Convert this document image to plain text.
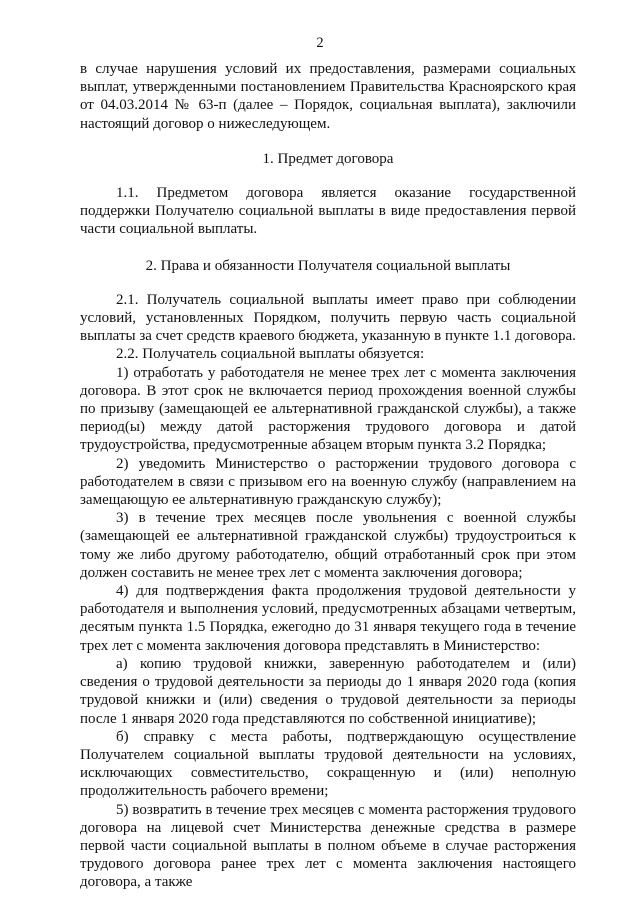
2

в случае нарушения условий их предоставления, размерами социальных выплат, утвержденными постановлением Правительства Красноярского края от 04.03.2014 № 63-п (далее – Порядок, социальная выплата), заключили настоящий договор о нижеследующем.

1. Предмет договора

1.1. Предметом договора является оказание государственной поддержки Получателю социальной выплаты в виде предоставления первой части социальной выплаты.

2. Права и обязанности Получателя социальной выплаты

2.1. Получатель социальной выплаты имеет право при соблюдении условий, установленных Порядком, получить первую часть социальной выплаты за счет средств краевого бюджета, указанную в пункте 1.1 договора.

2.2. Получатель социальной выплаты обязуется:

1) отработать у работодателя не менее трех лет с момента заключения договора. В этот срок не включается период прохождения военной службы по призыву (замещающей ее альтернативной гражданской службы), а также период(ы) между датой расторжения трудового договора и датой трудоустройства, предусмотренные абзацем вторым пункта 3.2 Порядка;

2) уведомить Министерство о расторжении трудового договора с работодателем в связи с призывом его на военную службу (направлением на замещающую ее альтернативную гражданскую службу);

3) в течение трех месяцев после увольнения с военной службы (замещающей ее альтернативной гражданской службы) трудоустроиться к тому же либо другому работодателю, общий отработанный срок при этом должен составить не менее трех лет с момента заключения договора;

4) для подтверждения факта продолжения трудовой деятельности у работодателя и выполнения условий, предусмотренных абзацами четвертым, десятым пункта 1.5 Порядка, ежегодно до 31 января текущего года в течение трех лет с момента заключения договора представлять в Министерство:

а) копию трудовой книжки, заверенную работодателем и (или) сведения о трудовой деятельности за периоды до 1 января 2020 года (копия трудовой книжки и (или) сведения о трудовой деятельности за периоды после 1 января 2020 года представляются по собственной инициативе);

б) справку с места работы, подтверждающую осуществление Получателем социальной выплаты трудовой деятельности на условиях, исключающих совместительство, сокращенную и (или) неполную продолжительность рабочего времени;

5) возвратить в течение трех месяцев с момента расторжения трудового договора на лицевой счет Министерства денежные средства в размере первой части социальной выплаты в полном объеме в случае расторжения трудового договора ранее трех лет с момента заключения настоящего договора, а также
